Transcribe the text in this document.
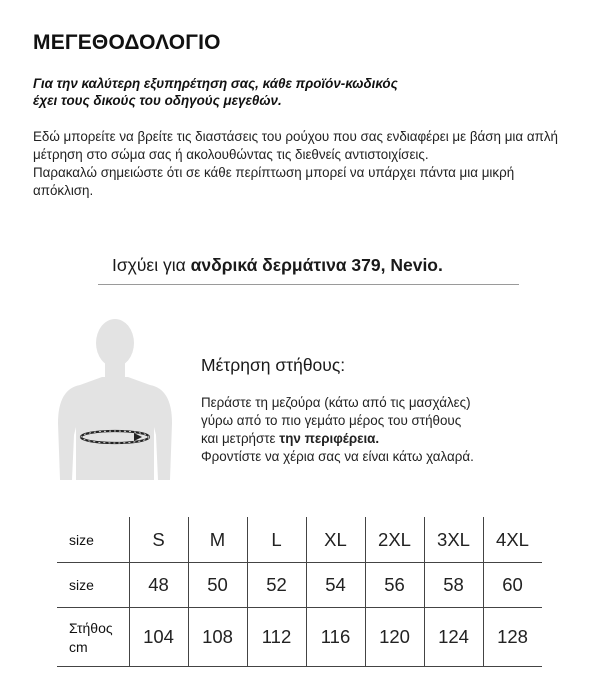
ΜΕΓΕΘΟΔΟΛΟΓΙΟ
Για την καλύτερη εξυπηρέτηση σας, κάθε προϊόν-κωδικός
έχει τους δικούς του οδηγούς μεγεθών.

Εδώ μπορείτε να βρείτε τις διαστάσεις του ρούχου που σας ενδιαφέρει με βάση μια απλή μέτρηση στο σώμα σας ή ακολουθώντας τις διεθνείς αντιστοιχίσεις.

Παρακαλώ σημειώστε ότι σε κάθε περίπτωση μπορεί να υπάρχει πάντα μια μικρή απόκλιση.

Ισχύει για ανδρικά δερμάτινα 379, Nevio.
Μέτρηση στήθους:
Περάστε τη μεζούρα (κάτω από τις μασχάλες)
γύρω από το πιο γεμάτο μέρος του στήθους
και μετρήστε την περιφέρεια.
Φροντίστε να χέρια σας να είναι κάτω χαλαρά.
size	S	M	L	XL	2XL	3XL	4XL
size	48	50	52	54	56	58	60

Στήθος
cm	104	108	112	116	120	124	128
